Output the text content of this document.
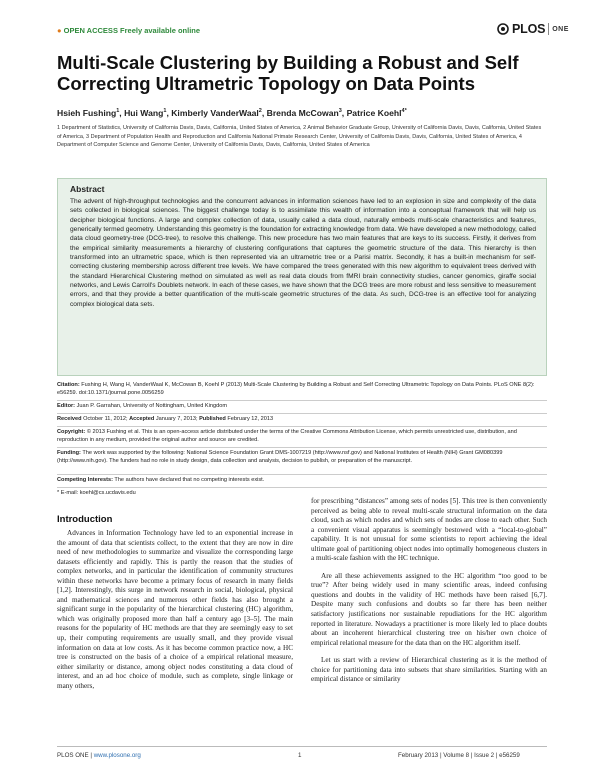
● OPEN ACCESS Freely available online	PLOS ONE
Multi-Scale Clustering by Building a Robust and Self Correcting Ultrametric Topology on Data Points
Hsieh Fushing$^1$, Hui Wang$^1$, Kimberly VanderWaal$^2$, Brenda McCowan$^3$, Patrice Koehl$^{4*}$
1 Department of Statistics, University of California Davis, Davis, California, United States of America, 2 Animal Behavior Graduate Group, University of California Davis, Davis, California, United States of America, 3 Department of Population Health and Reproduction and California National Primate Research Center, University of California Davis, Davis, California, United States of America, 4 Department of Computer Science and Genome Center, University of California Davis, Davis, California, United States of America
Abstract

The advent of high-throughput technologies and the concurrent advances in information sciences have led to an explosion in size and complexity of the data sets collected in biological sciences. The biggest challenge today is to assimilate this wealth of information into a conceptual framework that will help us decipher biological functions. A large and complex collection of data, usually called a data cloud, naturally embeds multi-scale characteristics and features, generically termed geometry. Understanding this geometry is the foundation for extracting knowledge from data. We have developed a new methodology, called data cloud geometry-tree (DCG-tree), to resolve this challenge. This new procedure has two main features that are keys to its success. Firstly, it derives from the empirical similarity measurements a hierarchy of clustering configurations that captures the geometric structure of the data. This hierarchy is then transformed into an ultrametric space, which is then represented via an ultrametric tree or a Parisi matrix. Secondly, it has a built-in mechanism for self-correcting clustering membership across different tree levels. We have compared the trees generated with this new algorithm to equivalent trees derived with the standard Hierarchical Clustering method on simulated as well as real data clouds from fMRI brain connectivity studies, cancer genomics, giraffe social networks, and Lewis Carroll's Doublets network. In each of these cases, we have shown that the DCG trees are more robust and less sensitive to measurement errors, and that they provide a better quantification of the multi-scale geometric structures of the data. As such, DCG-tree is an effective tool for analyzing complex biological data sets.

Citation: Fushing H, Wang H, VanderWaal K, McCowan B, Koehl P (2013) Multi-Scale Clustering by Building a Robust and Self Correcting Ultrametric Topology on Data Points. PLoS ONE 8(2): e56259. doi:10.1371/journal.pone.0056259
Editor: Juan P. Garrahan, University of Nottingham, United Kingdom
Received October 11, 2012; Accepted January 7, 2013; Published February 12, 2013
Copyright: © 2013 Fushing et al. This is an open-access article distributed under the terms of the Creative Commons Attribution License, which permits unrestricted use, distribution, and reproduction in any medium, provided the original author and source are credited.
Funding: The work was supported by the following: National Science Foundation Grant DMS-1007219 (http://www.nsf.gov) and National Institutes of Health (NIH) Grant GM080399 (http://www.nih.gov). The funders had no role in study design, data collection and analysis, decision to publish, or preparation of the manuscript.
Competing Interests: The authors have declared that no competing interests exist.
* E-mail: koehl@cs.ucdavis.edu
Introduction

Advances in Information Technology have led to an exponential increase in the amount of data that scientists collect, to the extent that they are now in dire need of new methodologies to summarize and visualize the corresponding large datasets efficiently and rapidly. This is partly the reason that the studies of complex networks, and in particular the identification of community structures within these networks have become a primary focus of research in many fields [1,2]. Interestingly, this surge in network research in social, biological, physical and mathematical sciences and numerous other fields has also brought a significant surge in the popularity of the hierarchical clustering (HC) algorithm, which was originally proposed more than half a century ago [3–5]. The main reasons for the popularity of HC methods are that they are seemingly easy to set up, their computing requirements are usually small, and they provide visual information on data at low costs. As it has become common practice now, a HC tree is constructed on the basis of a choice of a empirical relational measure, either similarity or distance, among object nodes constituting a data cloud of interest, and an ad hoc choice of module, such as complete, single linkage or many others,

for prescribing “distances” among sets of nodes [5]. This tree is then conveniently perceived as being able to reveal multi-scale structural information on the data cloud, such as which nodes and which sets of nodes are close to each other. Such a convenient visual apparatus is seemingly bestowed with a “local-to-global” capability. It is not unusual for some scientists to report achieving the ideal ultimate goal of partitioning object nodes into optimally homogeneous clusters in a multi-scale fashion with the HC technique.

Are all these achievements assigned to the HC algorithm “too good to be true”? After being widely used in many scientific areas, indeed confusing questions and doubts in the validity of HC methods have been raised [6,7]. Despite many such confusions and doubts so far there has been neither satisfactory justifications nor sustainable repudiations for the HC algorithm reported in literature. Nowadays a practitioner is more likely led to place doubts about an incoherent hierarchical clustering tree on his/her own choice of empirical relational measure for the data than on the HC algorithm itself.

Let us start with a review of Hierarchical clustering as it is the method of choice for partitioning data into subsets that share similarities. Starting with an empirical distance or similarity

PLOS ONE | www.plosone.org	1	February 2013 | Volume 8 | Issue 2 | e56259
